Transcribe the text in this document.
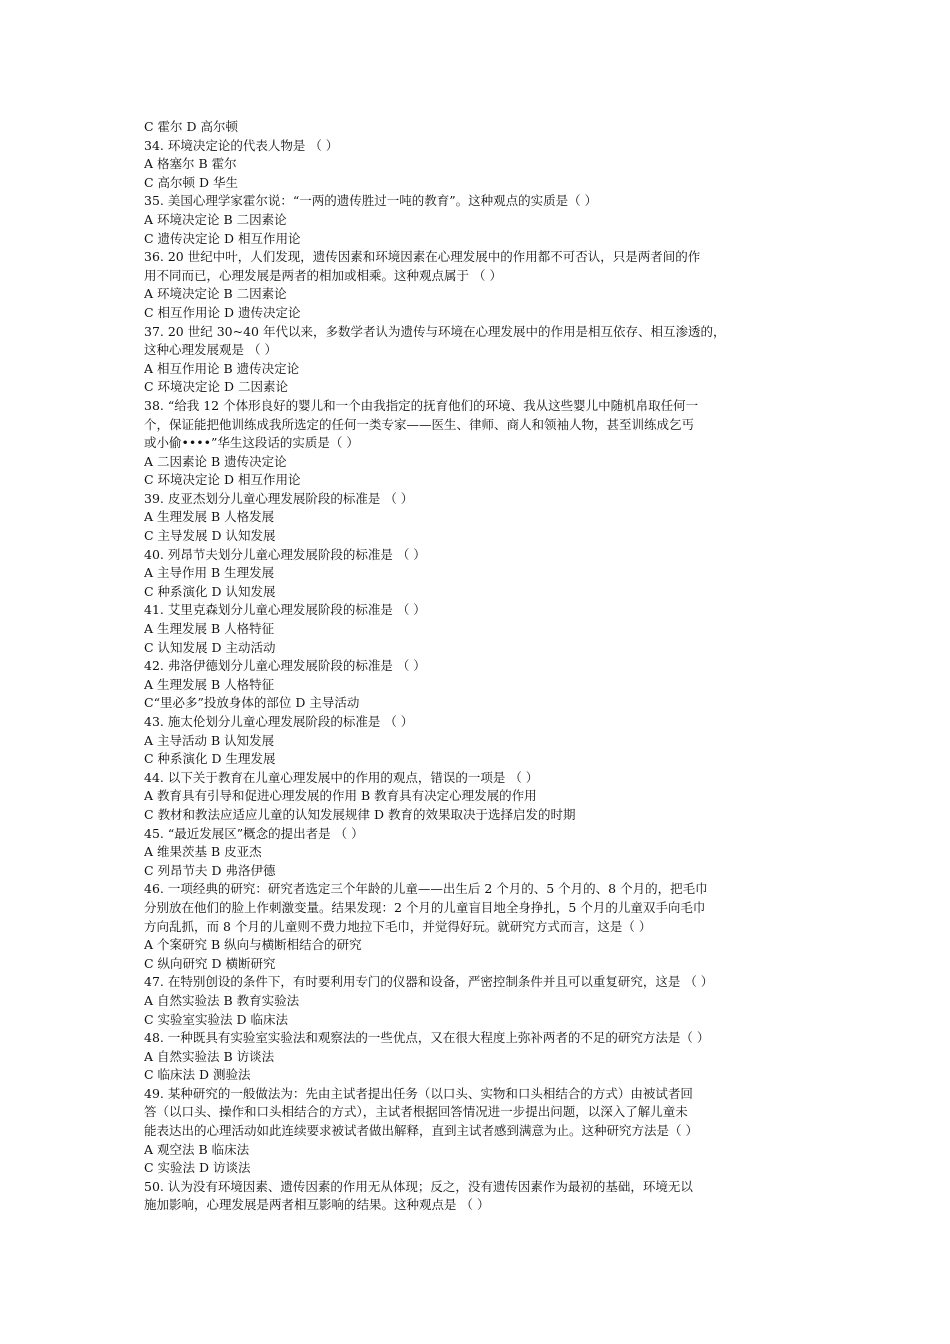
C 霍尔 D 高尔顿
34. 环境决定论的代表人物是 （ ）
A 格塞尔 B 霍尔
C 高尔顿 D 华生
35. 美国心理学家霍尔说：“一两的遗传胜过一吨的教育”。这种观点的实质是（ ）
A 环境决定论 B 二因素论
C 遗传决定论 D 相互作用论
36. 20 世纪中叶，人们发现，遗传因素和环境因素在心理发展中的作用都不可否认，只是两者间的作
用不同而已，心理发展是两者的相加或相乘。这种观点属于 （ ）
A 环境决定论 B 二因素论
C 相互作用论 D 遗传决定论
37. 20 世纪 30~40 年代以来，多数学者认为遗传与环境在心理发展中的作用是相互依存、相互渗透的，
这种心理发展观是 （ ）
A 相互作用论 B 遗传决定论
C 环境决定论 D 二因素论
38. “给我 12 个体形良好的婴儿和一个由我指定的抚育他们的环境、我从这些婴儿中随机帛取任何一
个，保证能把他训练成我所选定的任何一类专家——医生、律师、商人和领袖人物，甚至训练成乞丐
或小偷••••”华生这段话的实质是（ ）
A 二因素论 B 遗传决定论
C 环境决定论 D 相互作用论
39. 皮亚杰划分儿童心理发展阶段的标准是 （ ）
A 生理发展 B 人格发展
C 主导发展 D 认知发展
40. 列昂节夫划分儿童心理发展阶段的标准是 （ ）
A 主导作用 B 生理发展
C 种系演化 D 认知发展
41. 艾里克森划分儿童心理发展阶段的标准是 （ ）
A 生理发展 B 人格特征
C 认知发展 D 主动活动
42. 弗洛伊德划分儿童心理发展阶段的标准是 （ ）
A 生理发展 B 人格特征
C“里必多”投放身体的部位 D 主导活动
43. 施太伦划分儿童心理发展阶段的标准是 （ ）
A 主导活动 B 认知发展
C 种系演化 D 生理发展
44. 以下关于教育在儿童心理发展中的作用的观点，错误的一项是 （ ）
A 教育具有引导和促进心理发展的作用 B 教育具有决定心理发展的作用
C 教材和教法应适应儿童的认知发展规律 D 教育的效果取决于选择启发的时期
45. “最近发展区”概念的提出者是 （ ）
A 维果茨基 B 皮亚杰
C 列昂节夫 D 弗洛伊德
46. 一项经典的研究：研究者选定三个年龄的儿童——出生后 2 个月的、5 个月的、8 个月的，把毛巾
分别放在他们的脸上作刺激变量。结果发现：2 个月的儿童盲目地全身挣扎，5 个月的儿童双手向毛巾
方向乱抓，而 8 个月的儿童则不费力地拉下毛巾，并觉得好玩。就研究方式而言，这是（ ）
A 个案研究 B 纵向与横断相结合的研究
C 纵向研究 D 横断研究
47. 在特别创设的条件下，有时要利用专门的仪器和设备，严密控制条件并且可以重复研究，这是 （ ）
A 自然实验法 B 教育实验法
C 实验室实验法 D 临床法
48. 一种既具有实验室实验法和观察法的一些优点，又在很大程度上弥补两者的不足的研究方法是（ ）
A 自然实验法 B 访谈法
C 临床法 D 测验法
49. 某种研究的一般做法为：先由主试者提出任务（以口头、实物和口头相结合的方式）由被试者回
答（以口头、操作和口头相结合的方式），主试者根据回答情况进一步提出问题，以深入了解儿童未
能表达出的心理活动如此连续要求被试者做出解释，直到主试者感到满意为止。这种研究方法是（ ）
A 观空法 B 临床法
C 实验法 D 访谈法
50. 认为没有环境因素、遗传因素的作用无从体现；反之，没有遗传因素作为最初的基础，环境无以
施加影响，心理发展是两者相互影响的结果。这种观点是 （ ）
